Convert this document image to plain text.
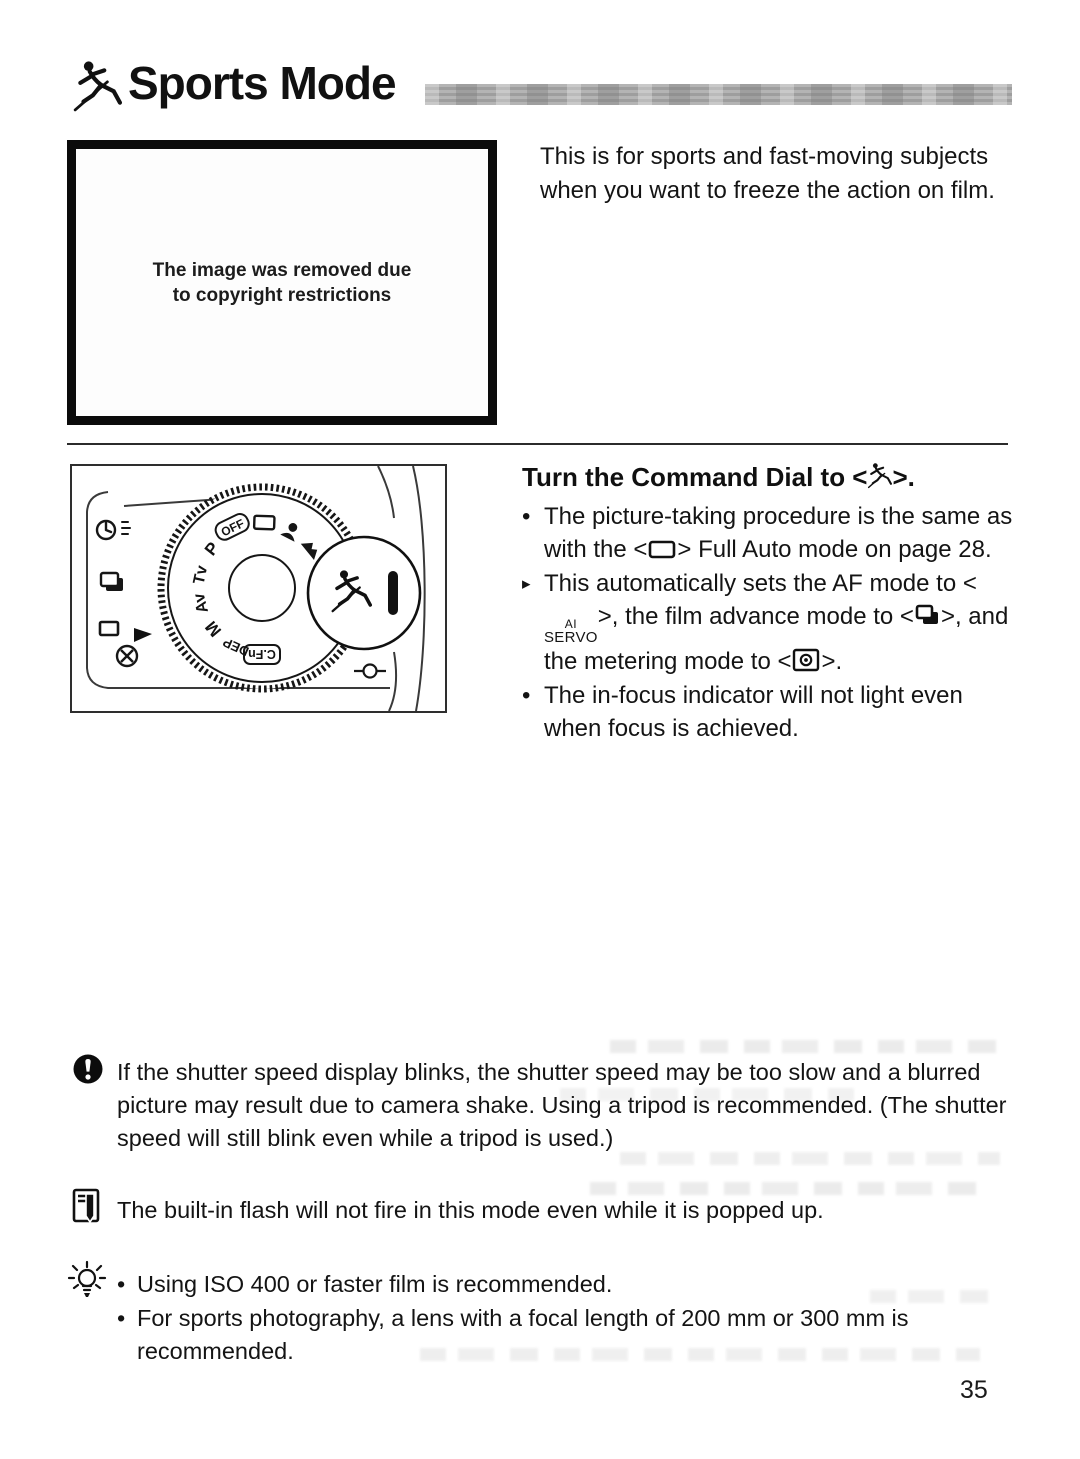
Sports Mode
The image was removed due
to copyright restrictions
This is for sports and fast-moving subjects when you want to freeze the action on film.
P
Tv
Av
M
DEP
C.Fn
OFF
Turn the Command Dial to < >.
• The picture-taking procedure is the same as with the < > Full Auto mode on page 28.
▸ This automatically sets the AF mode to <
AI
SERVO
>, the film advance mode to < >, and the metering mode to < >.
• The in-focus indicator will not light even when focus is achieved.
If the shutter speed display blinks, the shutter speed may be too slow and a blurred picture may result due to camera shake. Using a tripod is recommended. (The shutter speed will still blink even while a tripod is used.)
The built-in flash will not fire in this mode even while it is popped up.
• Using ISO 400 or faster film is recommended.
• For sports photography, a lens with a focal length of 200 mm or 300 mm is recommended.
35
